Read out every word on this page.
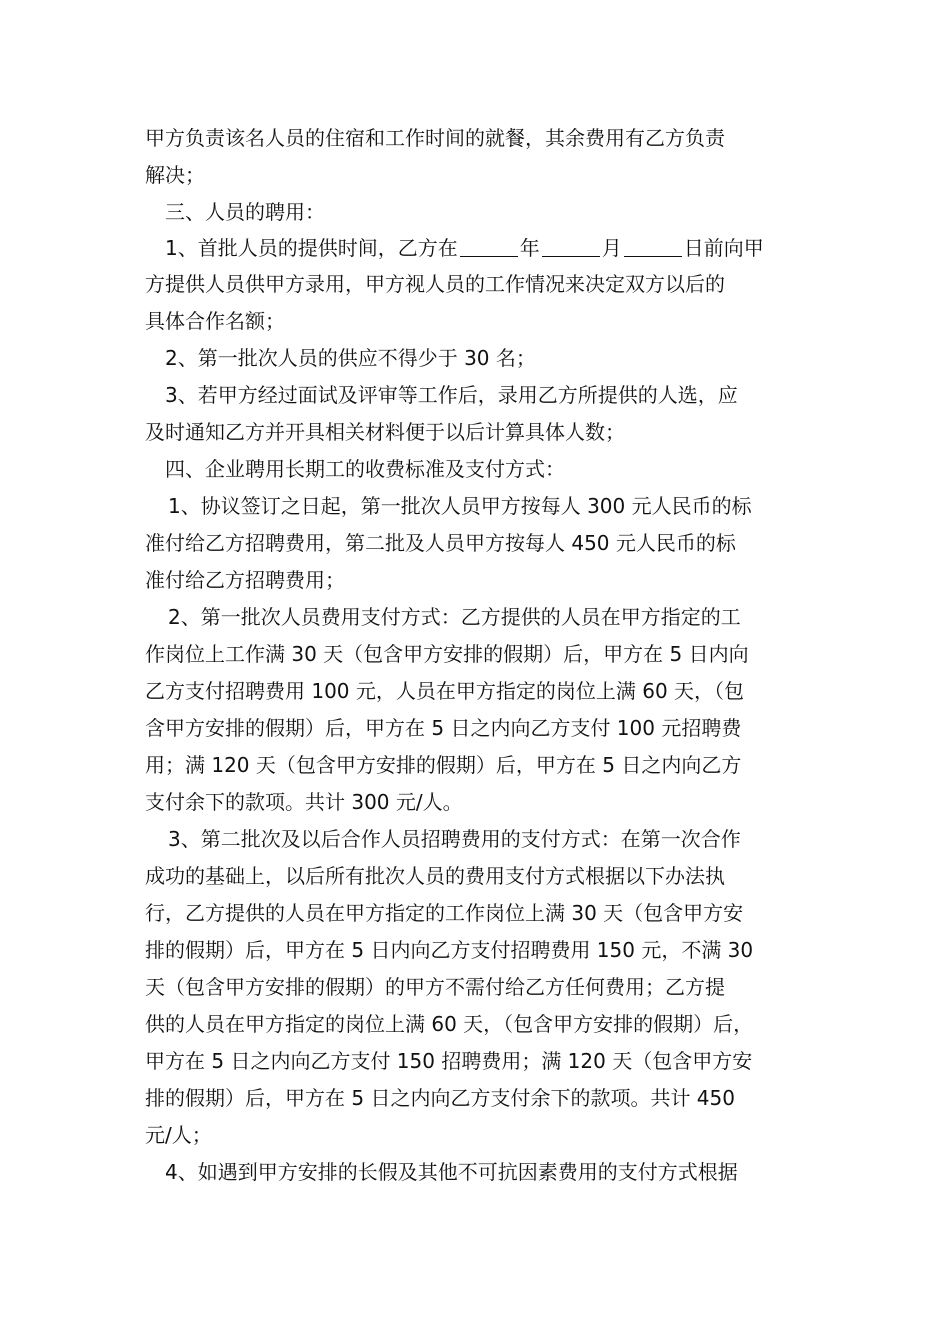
甲方负责该名人员的住宿和工作时间的就餐，其余费用有乙方负责
解决；
三、人员的聘用：
1、首批人员的提供时间，乙方在	年	月	日前向甲
方提供人员供甲方录用，甲方视人员的工作情况来决定双方以后的
具体合作名额；
2、第一批次人员的供应不得少于 30 名；
3、若甲方经过面试及评审等工作后，录用乙方所提供的人选，应
及时通知乙方并开具相关材料便于以后计算具体人数；
四、企业聘用长期工的收费标准及支付方式：
1、协议签订之日起，第一批次人员甲方按每人 300 元人民币的标
准付给乙方招聘费用，第二批及人员甲方按每人 450 元人民币的标
准付给乙方招聘费用；
2、第一批次人员费用支付方式：乙方提供的人员在甲方指定的工
作岗位上工作满 30 天（包含甲方安排的假期）后，甲方在 5 日内向
乙方支付招聘费用 100 元，人员在甲方指定的岗位上满 60 天，（包
含甲方安排的假期）后，甲方在 5 日之内向乙方支付 100 元招聘费
用；满 120 天（包含甲方安排的假期）后，甲方在 5 日之内向乙方
支付余下的款项。共计 300 元/人。
3、第二批次及以后合作人员招聘费用的支付方式：在第一次合作
成功的基础上，以后所有批次人员的费用支付方式根据以下办法执
行，乙方提供的人员在甲方指定的工作岗位上满 30 天（包含甲方安
排的假期）后，甲方在 5 日内向乙方支付招聘费用 150 元，不满 30
天（包含甲方安排的假期）的甲方不需付给乙方任何费用；乙方提
供的人员在甲方指定的岗位上满 60 天，（包含甲方安排的假期）后，
甲方在 5 日之内向乙方支付 150 招聘费用；满 120 天（包含甲方安
排的假期）后，甲方在 5 日之内向乙方支付余下的款项。共计 450
元/人；
4、如遇到甲方安排的长假及其他不可抗因素费用的支付方式根据
